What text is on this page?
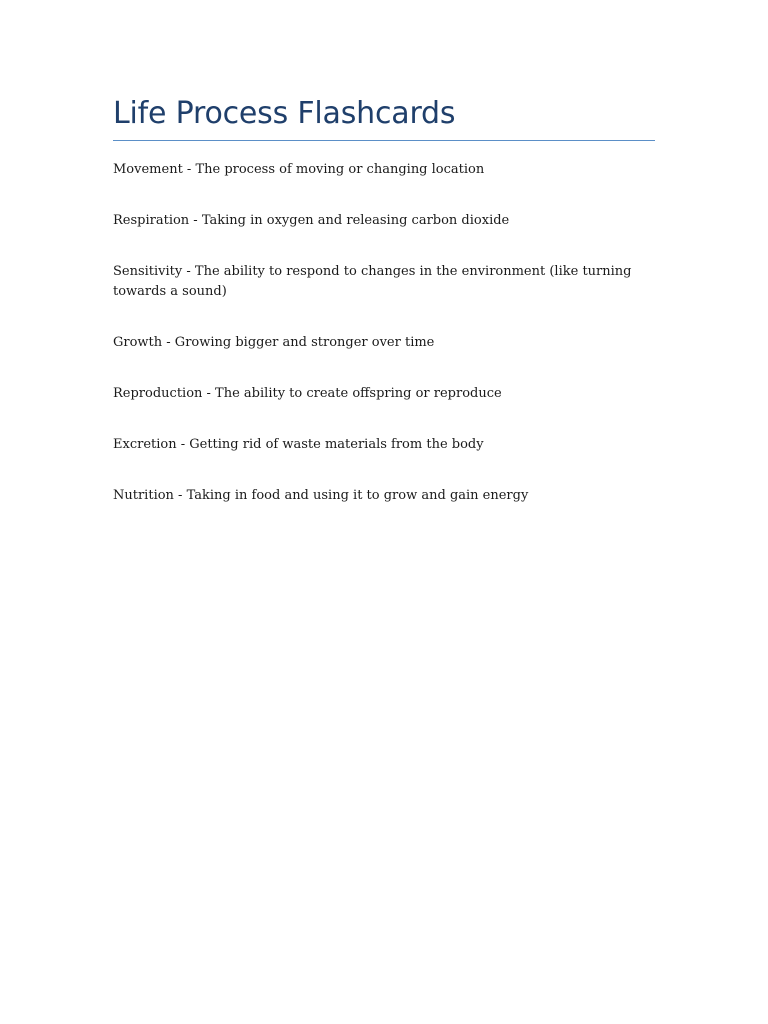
Life Process Flashcards
Movement - The process of moving or changing location
Respiration - Taking in oxygen and releasing carbon dioxide
Sensitivity - The ability to respond to changes in the environment (like turning towards a sound)
Growth - Growing bigger and stronger over time
Reproduction - The ability to create offspring or reproduce
Excretion - Getting rid of waste materials from the body
Nutrition - Taking in food and using it to grow and gain energy
